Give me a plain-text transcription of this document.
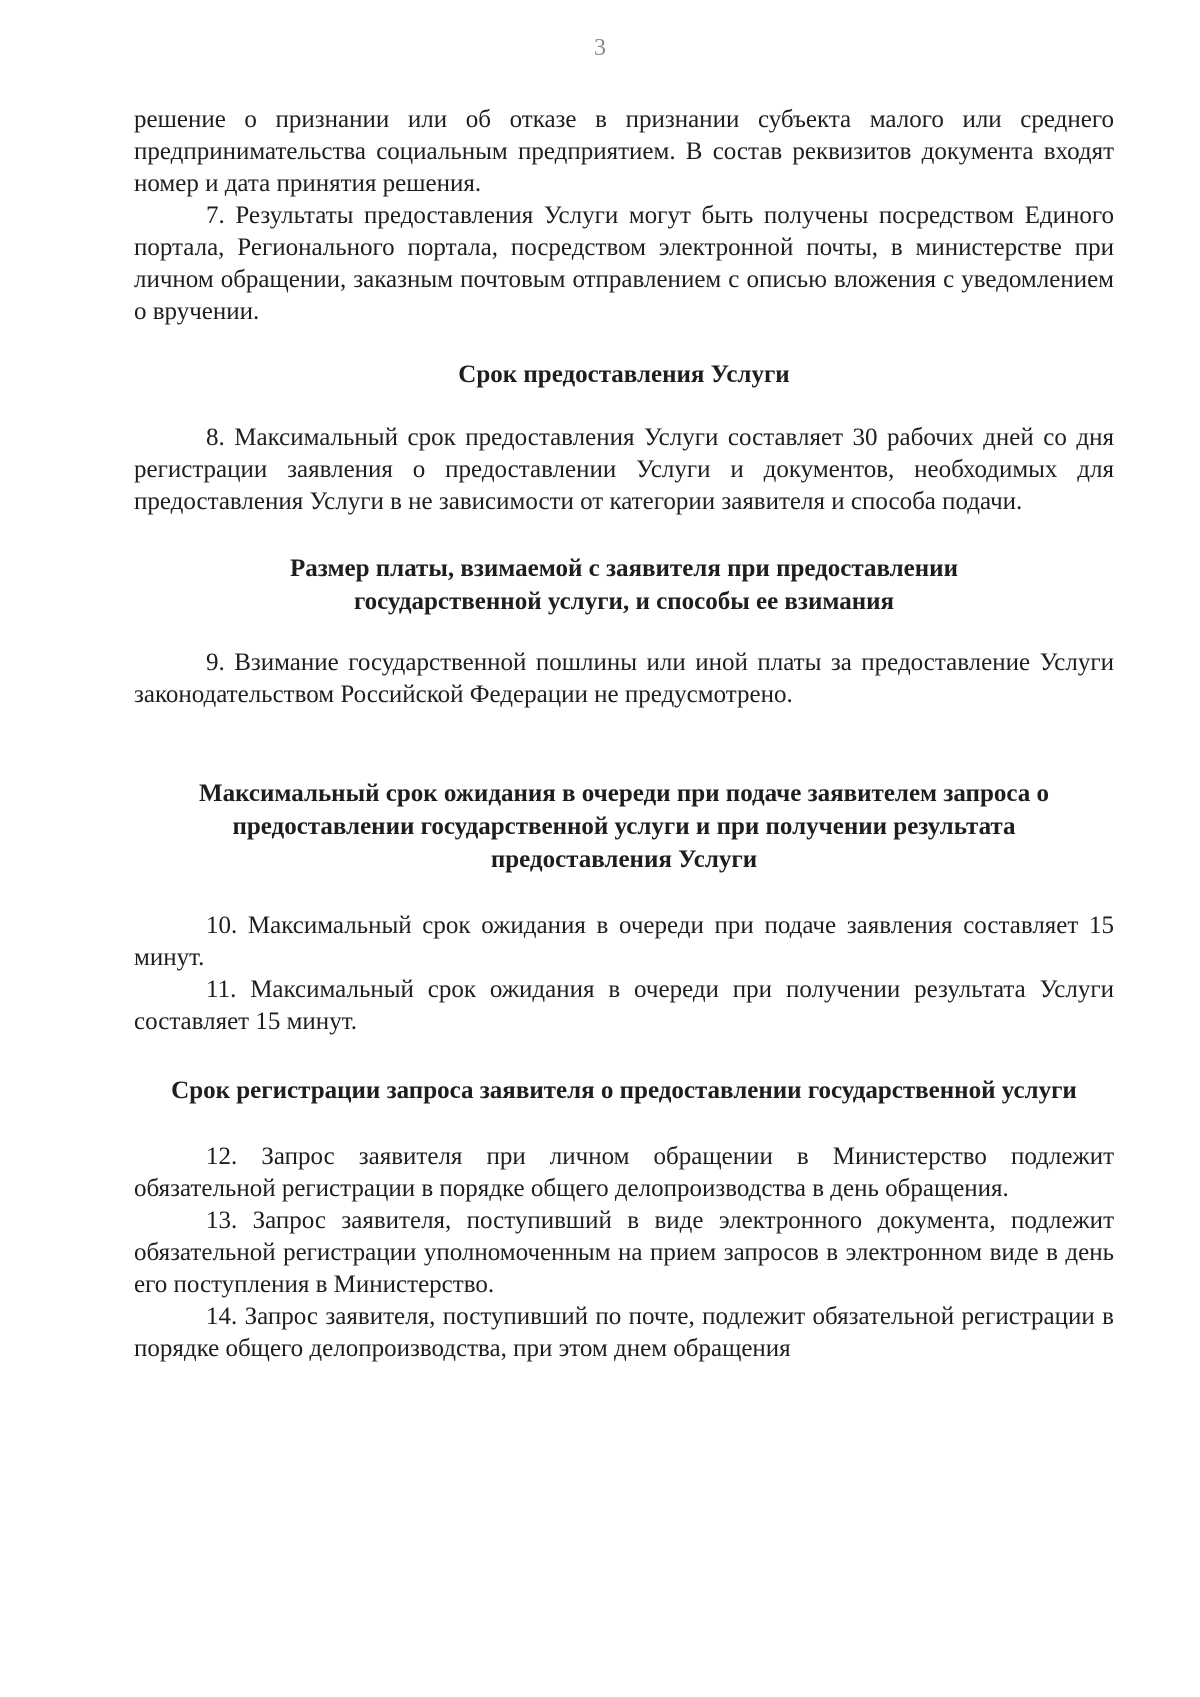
3

решение о признании или об отказе в признании субъекта малого или среднего предпринимательства социальным предприятием. В состав реквизитов документа входят номер и дата принятия решения.

7. Результаты предоставления Услуги могут быть получены посредством Единого портала, Регионального портала, посредством электронной почты, в министерстве при личном обращении, заказным почтовым отправлением с описью вложения с уведомлением о вручении.

Срок предоставления Услуги

8. Максимальный срок предоставления Услуги составляет 30 рабочих дней со дня регистрации заявления о предоставлении Услуги и документов, необходимых для предоставления Услуги в не зависимости от категории заявителя и способа подачи.

Размер платы, взимаемой с заявителя при предоставлении государственной услуги, и способы ее взимания

9. Взимание государственной пошлины или иной платы за предоставление Услуги законодательством Российской Федерации не предусмотрено.

Максимальный срок ожидания в очереди при подаче заявителем запроса о предоставлении государственной услуги и при получении результата предоставления Услуги

10. Максимальный срок ожидания в очереди при подаче заявления составляет 15 минут.

11. Максимальный срок ожидания в очереди при получении результата Услуги составляет 15 минут.

Срок регистрации запроса заявителя о предоставлении государственной услуги

12. Запрос заявителя при личном обращении в Министерство подлежит обязательной регистрации в порядке общего делопроизводства в день обращения.

13. Запрос заявителя, поступивший в виде электронного документа, подлежит обязательной регистрации уполномоченным на прием запросов в электронном виде в день его поступления в Министерство.

14. Запрос заявителя, поступивший по почте, подлежит обязательной регистрации в порядке общего делопроизводства, при этом днем обращения
